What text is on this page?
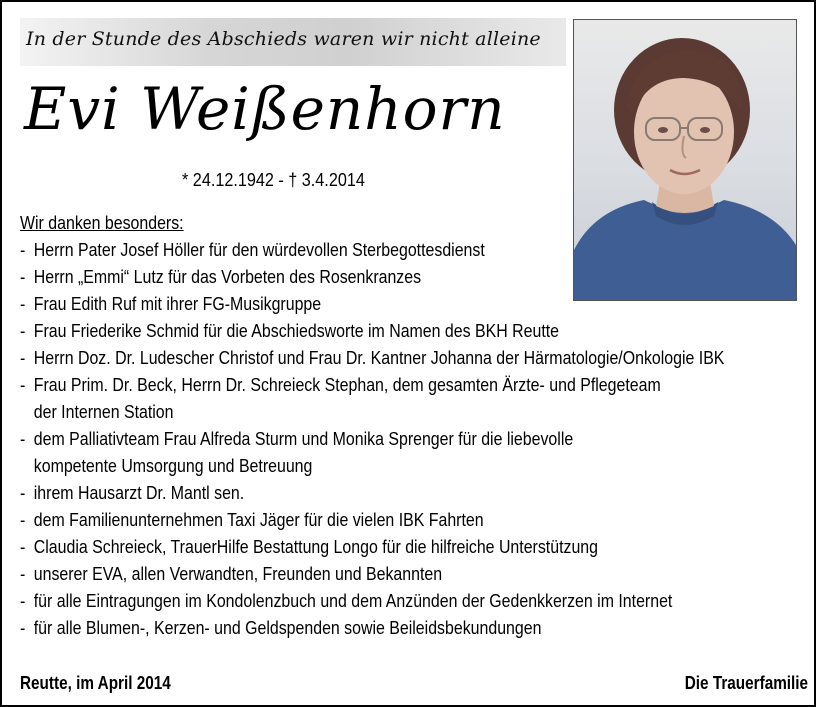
In der Stunde des Abschieds waren wir nicht alleine
Evi Weißenhorn
* 24.12.1942 - † 3.4.2014
Wir danken besonders:
- Herrn Pater Josef Höller für den würdevollen Sterbegottesdienst
- Herrn „Emmi“ Lutz für das Vorbeten des Rosenkranzes
- Frau Edith Ruf mit ihrer FG-Musikgruppe
- Frau Friederike Schmid für die Abschiedsworte im Namen des BKH Reutte
- Herrn Doz. Dr. Ludescher Christof und Frau Dr. Kantner Johanna der Härmatologie/Onkologie IBK
- Frau Prim. Dr. Beck, Herrn Dr. Schreieck Stephan, dem gesamten Ärzte- und Pflegeteam
der Internen Station
- dem Palliativteam Frau Alfreda Sturm und Monika Sprenger für die liebevolle
kompetente Umsorgung und Betreuung
- ihrem Hausarzt Dr. Mantl sen.
- dem Familienunternehmen Taxi Jäger für die vielen IBK Fahrten
- Claudia Schreieck, TrauerHilfe Bestattung Longo für die hilfreiche Unterstützung
- unserer EVA, allen Verwandten, Freunden und Bekannten
- für alle Eintragungen im Kondolenzbuch und dem Anzünden der Gedenkkerzen im Internet
- für alle Blumen-, Kerzen- und Geldspenden sowie Beileidsbekundungen
Reutte, im April 2014	Die Trauerfamilie
